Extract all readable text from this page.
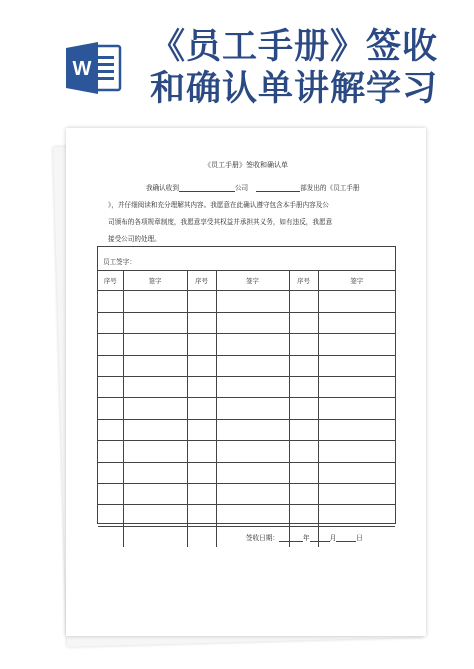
W
《员工手册》签收
和确认单讲解学习
《员工手册》签收和确认单
我确认收到	公司	部发出的《员工手册
》，并仔细阅读和充分理解其内容。我愿意在此确认遵守包含本手册内容及公
司颁布的各项规章制度，我愿意享受其权益并承担其义务，如有违反，我愿意
接受公司的处理。
员工签字：
序号	签字	序号	签字	序号	签字

签收日期：	年	月	日
